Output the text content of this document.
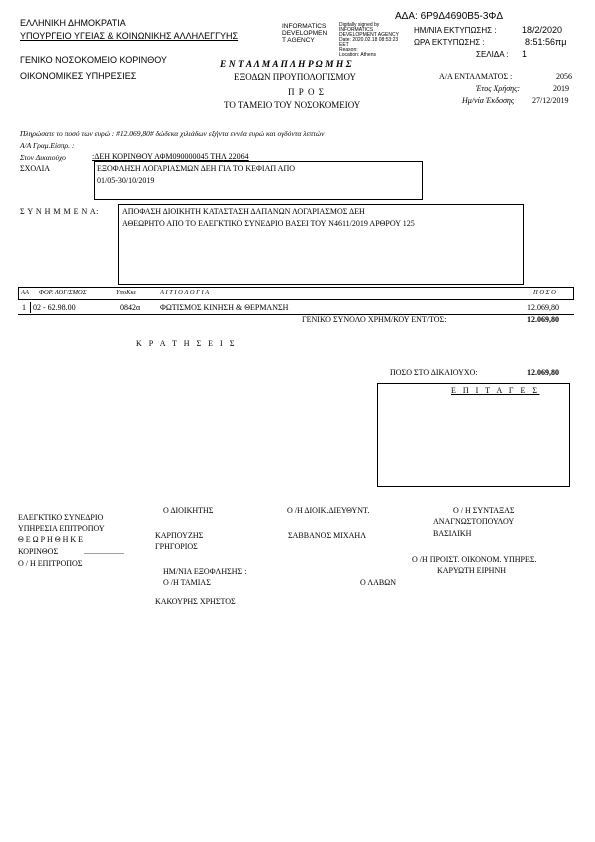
ΕΛΛΗΝΙΚΗ ΔΗΜΟΚΡΑΤΙΑ
ΥΠΟΥΡΓΕΙΟ ΥΓΕΙΑΣ & ΚΟΙΝΩΝΙΚΗΣ ΑΛΛΗΛΕΓΓΥΗΣ
ΓΕΝΙΚΟ ΝΟΣΟΚΟΜΕΙΟ ΚΟΡΙΝΘΟΥ
ΟΙΚΟΝΟΜΙΚΕΣ ΥΠΗΡΕΣΙΕΣ
INFORMATICS
DEVELOPMEN
T AGENCY
Digitally signed by
INFORMATICS
DEVELOPMENT AGENCY
Date: 2020.02.18 08:53:23
EET
Reason:
Location: Athens
ΑΔΑ: 6Ρ9Δ4690Β5-3ΦΔ
ΗΜ/ΝΙΑ ΕΚΤΥΠΩΣΗΣ :	18/2/2020
ΩΡΑ ΕΚΤΥΠΩΣΗΣ :	8:51:56πμ
ΣΕΛΙΔΑ : 1
Ε Ν Τ Α Λ Μ Α Π Λ Η Ρ Ω Μ Η Σ
ΕΞΟΔΩΝ ΠΡΟΥΠΟΛΟΓΙΣΜΟΥ
Π Ρ Ο Σ
ΤΟ ΤΑΜΕΙΟ ΤΟΥ ΝΟΣΟΚΟΜΕΙΟΥ
Α/Α ΕΝΤΑΛΜΑΤΟΣ :	2056
Έτος Χρήσης:	2019
Ημ/νία Έκδοσης 27/12/2019
Πληρώσατε το ποσό των ευρώ : #12.069,80# δώδεκα χιλιάδων εξήντα εννέα ευρώ και ογδόντα λεπτών
Α/Α Γραμ.Είσπρ. :
Στον Δικαιούχο	:ΔΕΗ ΚΟΡΙΝΘΟΥ ΑΦΜ090000045 ΤΗΛ 22064
ΣΧΟΛΙΑ	ΕΞΟΦΛΗΣΗ ΛΟΓΑΡΙΑΣΜΩΝ ΔΕΗ ΓΙΑ ΤΟ ΚΕΦΙΑΠ ΑΠΟ
01/05-30/10/2019
Σ Υ Ν Η Μ Μ Ε Ν Α:	ΑΠΟΦΑΣΗ ΔΙΟΙΚΗΤΗ ΚΑΤΑΣΤΑΣΗ ΔΑΠΑΝΩΝ ΛΟΓΑΡΙΑΣΜΟΣ ΔΕΗ
ΑΘΕΩΡΗΤΟ ΑΠΟ ΤΟ ΕΛΕΓΚΤΙΚΟ ΣΥΝΕΔΡΙΟ ΒΑΣΕΙ ΤΟΥ Ν4611/2019 ΑΡΘΡΟΥ 125
ΑΑ ΦΟΡ. ΛΟΓ/ΣΜΟΣ	ΥποΚκε	Α Ι Τ Ι Ο Λ Ο Γ Ι Α	Π Ο Σ Ο
1 02 - 62.98.00	0842α ΦΩΤΙΣΜΟΣ ΚΙΝΗΣΗ & ΘΕΡΜΑΝΣΗ	12.069,80
ΓΕΝΙΚΟ ΣΥΝΟΛΟ ΧΡΗΜ/ΚΟΥ ΕΝΤ/ΤΟΣ:	12.069,80
Κ Ρ Α Τ Η Σ Ε Ι Σ
ΠΟΣΟ ΣΤΟ ΔΙΚΑΙΟΥΧΟ:	12.069,80
Ε Π Ι Τ Α Γ Ε Σ
ΕΛΕΓΚΤΙΚΟ ΣΥΝΕΔΡΙΟ
ΥΠΗΡΕΣΙΑ ΕΠΙΤΡΟΠΟΥ
Θ Ε Ω Ρ Η Θ Η Κ Ε
ΚΟΡΙΝΘΟΣ	....................
Ο / Η ΕΠΙΤΡΟΠΟΣ
Ο ΔΙΟΙΚΗΤΗΣ
ΚΑΡΠΟΥΖΗΣ
ΓΡΗΓΟΡΙΟΣ
Ο /Η ΔΙΟΙΚ.ΔΙΕΥΘΥΝΤ.
ΣΑΒΒΑΝΟΣ ΜΙΧΑΗΛ
Ο / Η ΣΥΝΤΑΞΑΣ
ΑΝΑΓΝΩΣΤΟΠΟΥΛΟΥ
ΒΑΣΙΛΙΚΗ
Ο /Η ΠΡΟΙΣΤ. ΟΙΚΟΝΟΜ. ΥΠΗΡΕΣ.
ΚΑΡΥΩΤΗ ΕΙΡΗΝΗ
ΗΜ/ΝΙΑ ΕΞΟΦΛΗΣΗΣ :
Ο /Η ΤΑΜΙΑΣ
ΚΑΚΟΥΡΗΣ ΧΡΗΣΤΟΣ
Ο ΛΑΒΩΝ
